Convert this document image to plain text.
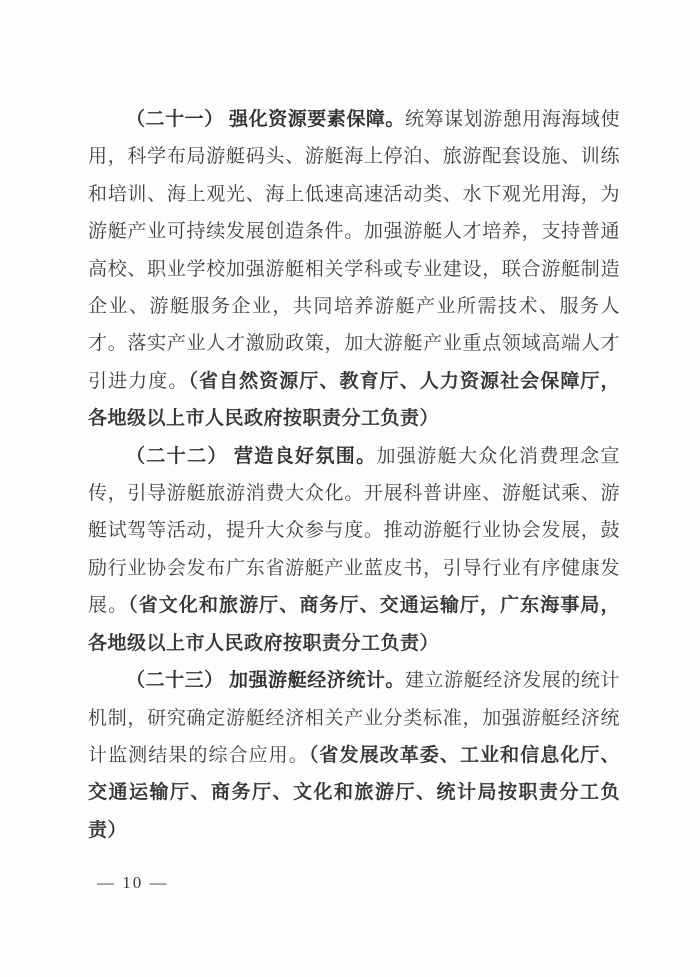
（二十一） 强化资源要素保障。统筹谋划游憩用海海域使用，科学布局游艇码头、游艇海上停泊、旅游配套设施、训练和培训、海上观光、海上低速高速活动类、水下观光用海，为游艇产业可持续发展创造条件。加强游艇人才培养，支持普通高校、职业学校加强游艇相关学科或专业建设，联合游艇制造企业、游艇服务企业，共同培养游艇产业所需技术、服务人才。落实产业人才激励政策，加大游艇产业重点领域高端人才引进力度。（省自然资源厅、教育厅、人力资源社会保障厅，各地级以上市人民政府按职责分工负责）

（二十二） 营造良好氛围。加强游艇大众化消费理念宣传，引导游艇旅游消费大众化。开展科普讲座、游艇试乘、游艇试驾等活动，提升大众参与度。推动游艇行业协会发展，鼓励行业协会发布广东省游艇产业蓝皮书，引导行业有序健康发展。（省文化和旅游厅、商务厅、交通运输厅，广东海事局，各地级以上市人民政府按职责分工负责）

（二十三） 加强游艇经济统计。建立游艇经济发展的统计机制，研究确定游艇经济相关产业分类标准，加强游艇经济统计监测结果的综合应用。（省发展改革委、工业和信息化厅、交通运输厅、商务厅、文化和旅游厅、统计局按职责分工负责）

— 10 —
